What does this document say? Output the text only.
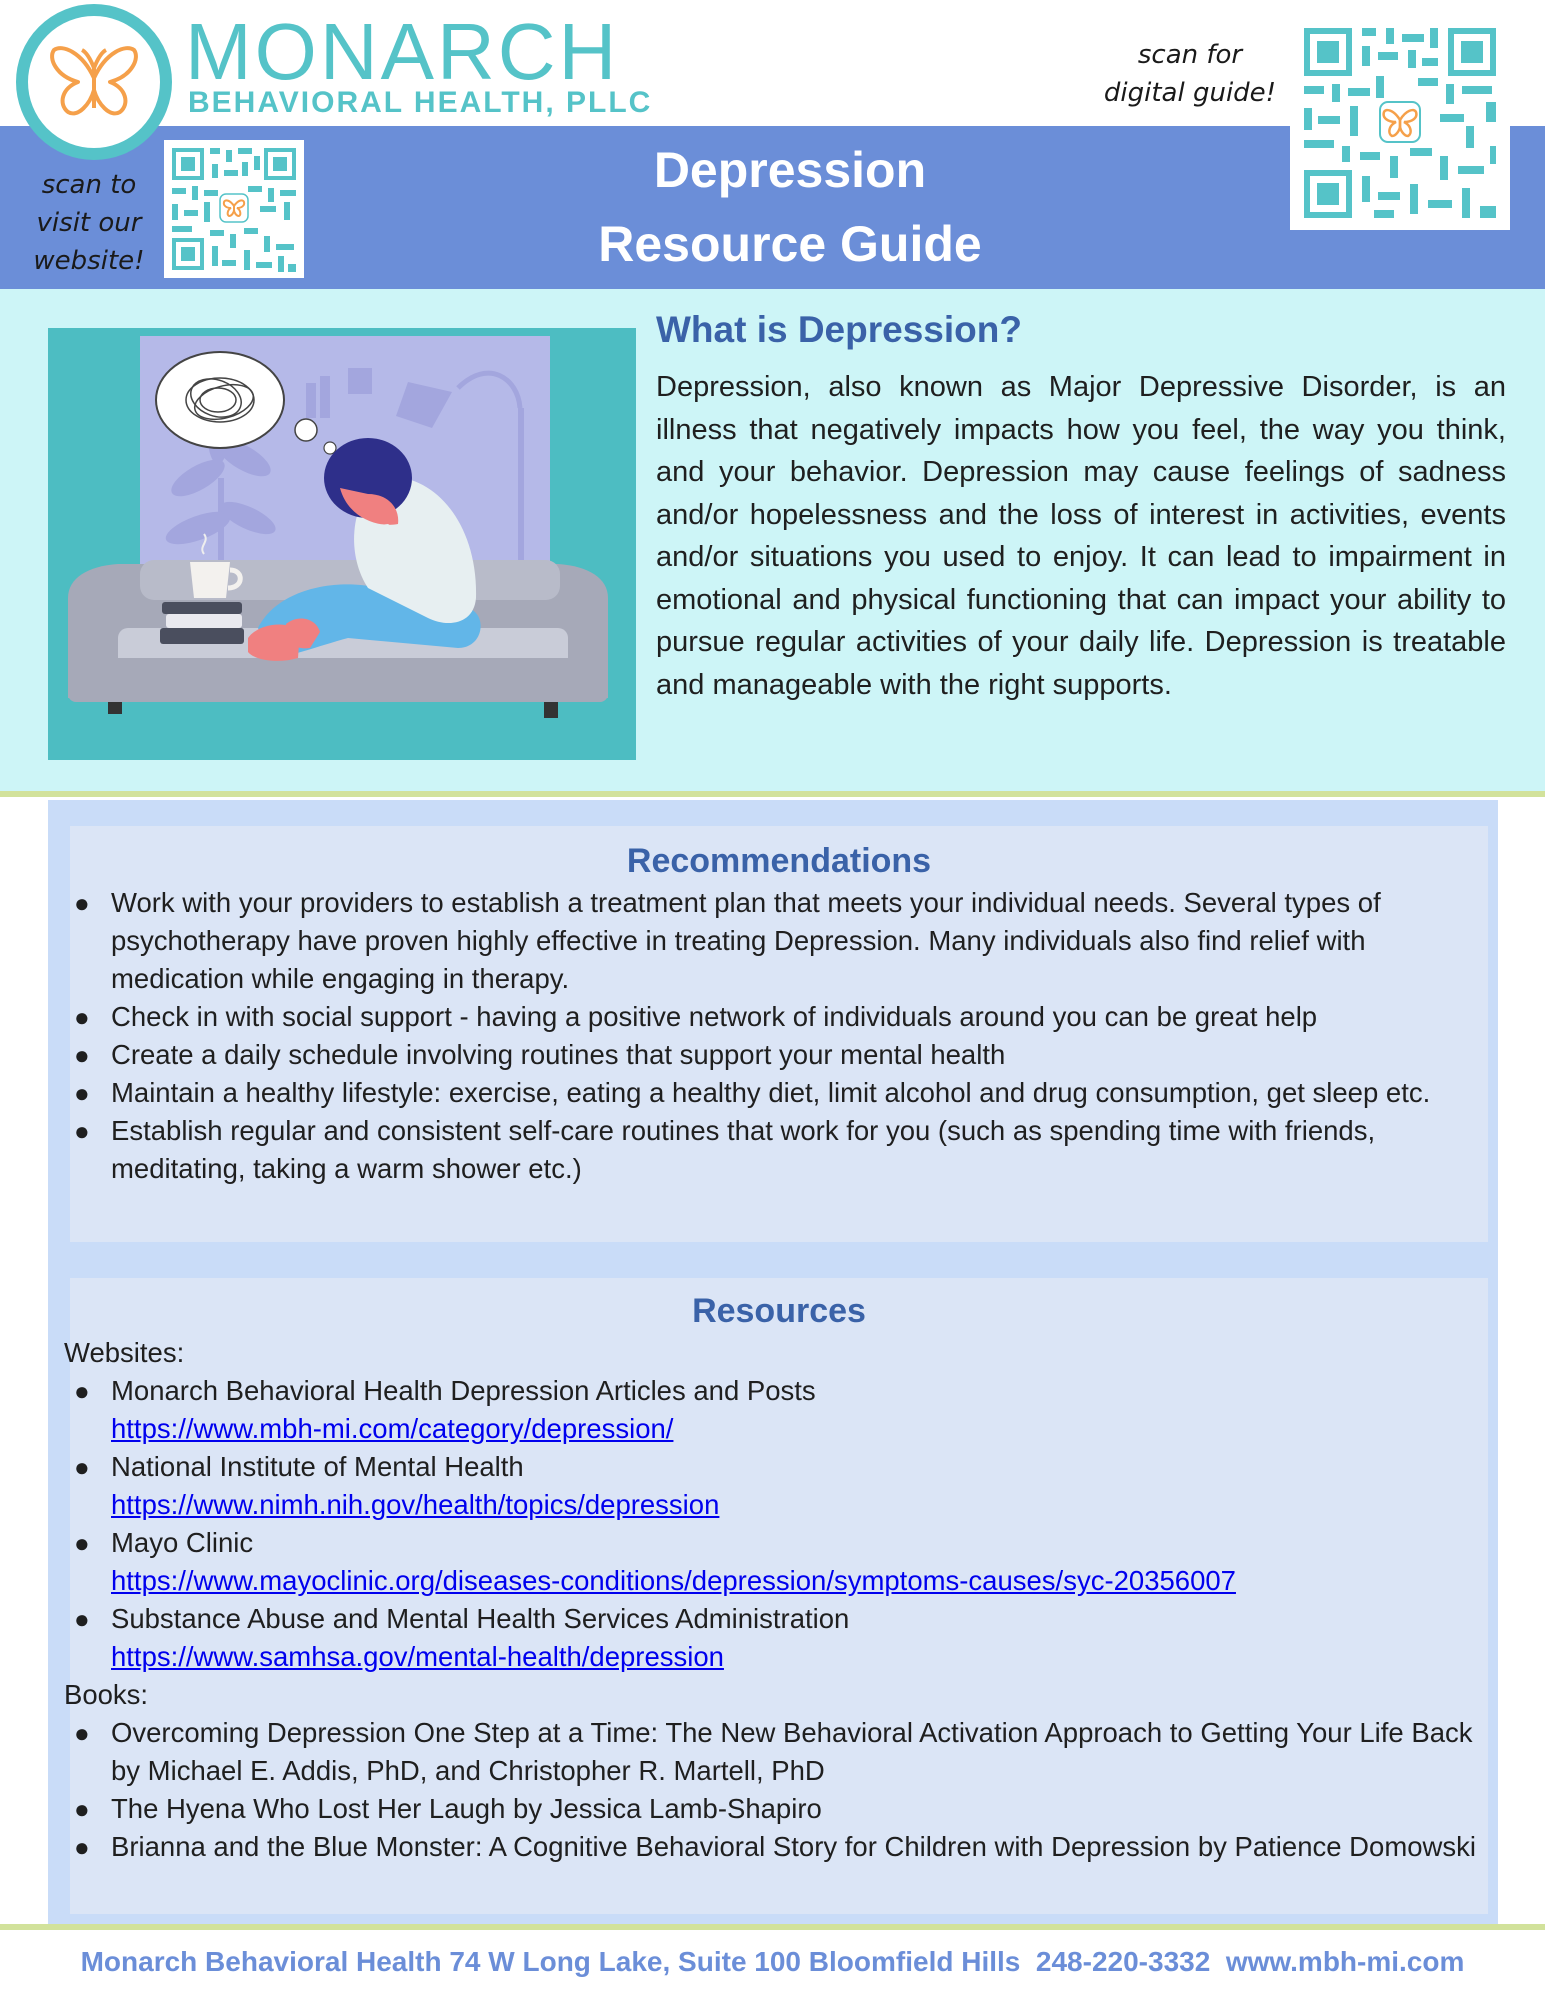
MONARCH
BEHAVIORAL HEALTH, PLLC
scan for
digital guide!
scan to
visit our
website!
Depression
Resource Guide
What is Depression?
Depression, also known as Major Depressive Disorder, is an illness that negatively impacts how you feel, the way you think, and your behavior. Depression may cause feelings of sadness and/or hopelessness and the loss of interest in activities, events and/or situations you used to enjoy. It can lead to impairment in emotional and physical functioning that can impact your ability to pursue regular activities of your daily life. Depression is treatable and manageable with the right supports.
Recommendations
● Work with your providers to establish a treatment plan that meets your individual needs. Several types of psychotherapy have proven highly effective in treating Depression. Many individuals also find relief with medication while engaging in therapy.
● Check in with social support - having a positive network of individuals around you can be great help
● Create a daily schedule involving routines that support your mental health
● Maintain a healthy lifestyle: exercise, eating a healthy diet, limit alcohol and drug consumption, get sleep etc.
● Establish regular and consistent self-care routines that work for you (such as spending time with friends, meditating, taking a warm shower etc.)
Resources
Websites:
● Monarch Behavioral Health Depression Articles and Posts
https://www.mbh-mi.com/category/depression/
● National Institute of Mental Health
https://www.nimh.nih.gov/health/topics/depression
● Mayo Clinic
https://www.mayoclinic.org/diseases-conditions/depression/symptoms-causes/syc-20356007
● Substance Abuse and Mental Health Services Administration
https://www.samhsa.gov/mental-health/depression
Books:
● Overcoming Depression One Step at a Time: The New Behavioral Activation Approach to Getting Your Life Back by Michael E. Addis, PhD, and Christopher R. Martell, PhD
● The Hyena Who Lost Her Laugh by Jessica Lamb-Shapiro
● Brianna and the Blue Monster: A Cognitive Behavioral Story for Children with Depression by Patience Domowski
Monarch Behavioral Health 74 W Long Lake, Suite 100 Bloomfield Hills  248-220-3332  www.mbh-mi.com
